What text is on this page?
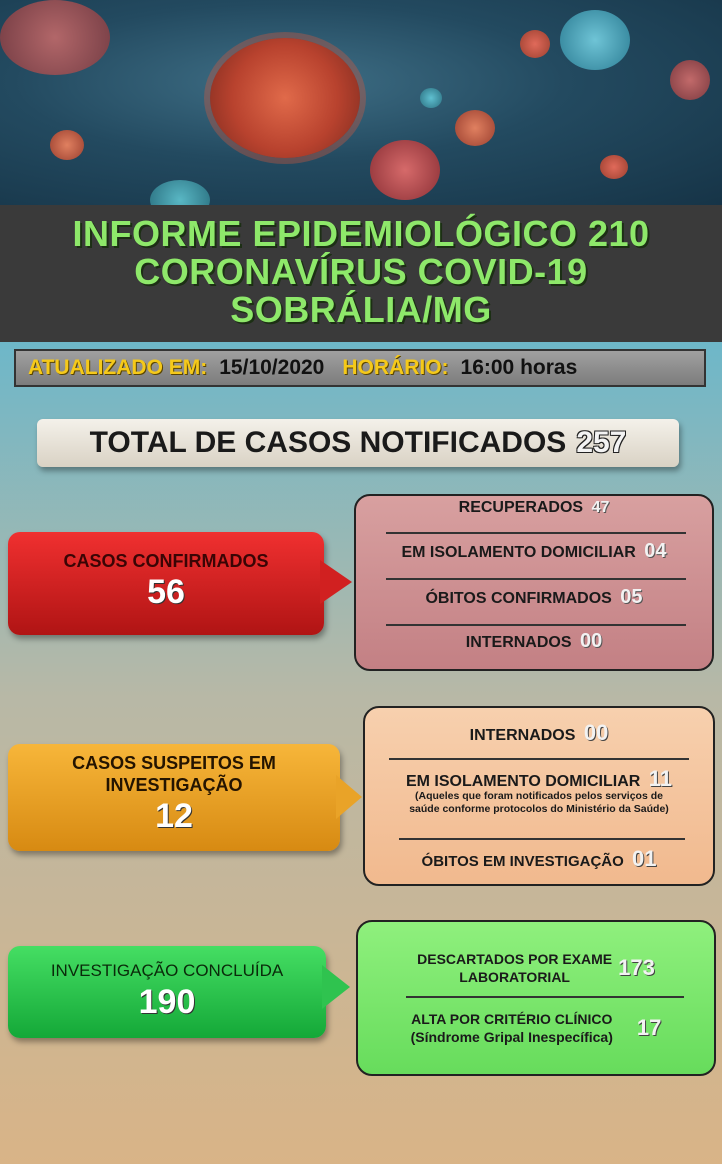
INFORME EPIDEMIOLÓGICO 210
CORONAVÍRUS COVID-19
SOBRÁLIA/MG
ATUALIZADO EM: 15/10/2020 HORÁRIO: 16:00 horas
TOTAL DE CASOS NOTIFICADOS 257
CASOS CONFIRMADOS
56
RECUPERADOS 47
EM ISOLAMENTO DOMICILIAR 04
ÓBITOS CONFIRMADOS 05
INTERNADOS 00
CASOS SUSPEITOS EM
INVESTIGAÇÃO
12
INTERNADOS 00
EM ISOLAMENTO DOMICILIAR 11
(Aqueles que foram notificados pelos serviços de
saúde conforme protocolos do Ministério da Saúde)
ÓBITOS EM INVESTIGAÇÃO 01
INVESTIGAÇÃO CONCLUÍDA
190
DESCARTADOS POR EXAME
LABORATORIAL	173
ALTA POR CRITÉRIO CLÍNICO
(Síndrome Gripal Inespecífica) 17
